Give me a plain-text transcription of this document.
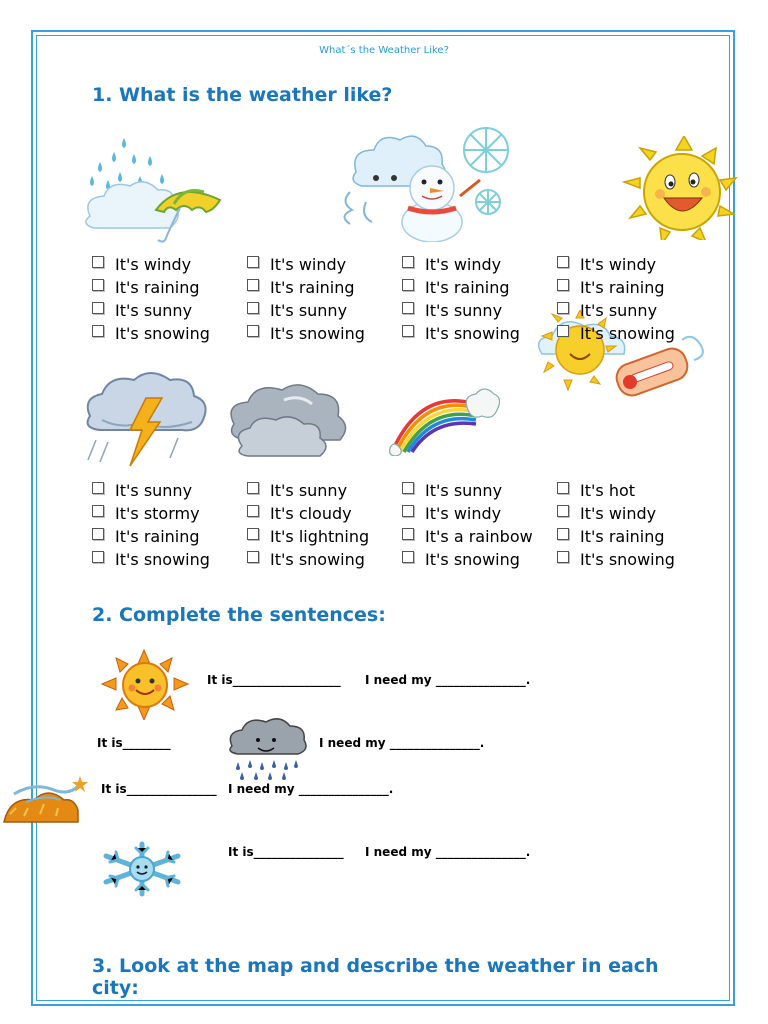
What´s the Weather Like?
1. What is the weather like?
It's windy
It's raining
It's sunny
It's snowing
It's windy
It's raining
It's sunny
It's snowing
It's windy
It's raining
It's sunny
It's snowing
It's windy
It's raining
It's sunny
It's snowing
It's sunny
It's stormy
It's raining
It's snowing
It's sunny
It's cloudy
It's lightning
It's snowing
It's sunny
It's windy
It's a rainbow
It's snowing
It's hot
It's windy
It's raining
It's snowing
2. Complete the sentences:
It is__________________ I need my _______________.
It is________	I need my _______________.
It is_______________ I need my _______________.
It is_______________ I need my _______________.
3. Look at the map and describe the weather in each
city:
